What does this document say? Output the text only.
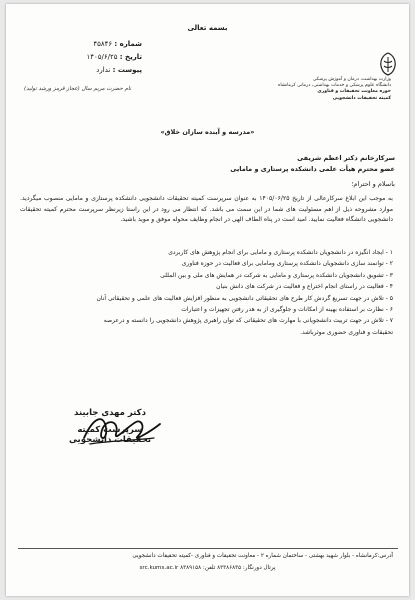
بسمه تعالی
شماره : ۴۵۸۴۶
تاریخ : ۱۴۰۵/۶/۲۵
پیوست : ندارد
نام حضرت مریم سال (عجاز قرمز ورشد تولید)
وزارت بهداشت، درمان و آموزش پزشکی
دانشگاه علوم پزشکی و خدمات بهداشتی، درمانی کرمانشاه
حوزه معاونت تحقیقات و فناوری
کمیته تحقیقات دانشجویی
«مدرسه و آینده سازان خلاق»
سرکارخانم دکتر اعظم شریفی
عضو محترم هیأت علمی دانشکده پرستاری و مامایی
باسلام و احترام؛
به موجب این ابلاغ سرکارعالی از تاریخ ۱۴۰۵/۰۶/۲۵ به عنوان سرپرست کمیته تحقیقات دانشجویی دانشکده پرستاری و مامایی منصوب میگردید. موارد مشروحه ذیل از اهم مسئولیت های شما در این سمت می باشد. که انتظار می رود در این راستا زیرنظر سرپرست محترم کمیته تحقیقات دانشجویی دانشگاه فعالیت نمایید. امید است در پناه الطاف الهی در انجام وظایف محوله موفق و موید باشید.
۱ - ایجاد انگیزه در دانشجویان دانشکده پرستاری و مامایی برای انجام پژوهش های کاربردی
۲ - توانمند سازی دانشجویان دانشکده پرستاری ومامایی برای فعالیت در حوزه فناوری
۳ - تشویق دانشجویان دانشکده پرستاری و مامایی به شرکت در همایش های ملی و بین المللی
۴ - فعالیت در راستای انجام اختراع و فعالیت در شرکت های دانش بنیان
۵ - تلاش در جهت تسریع گردش کار طرح های تحقیقاتی دانشجویی به منظور افزایش فعالیت های علمی و تحقیقاتی آنان
۶ - نظارت بر استفاده بهینه از امکانات و جلوگیری از به هدر رفتن تجهیزات و اعتبارات
۷ - تلاش در جهت تربیت دانشجویانی با مهارت های تحقیقاتی که توان راهبری پژوهش دانشجویی را دانسته و درعرصه
تحقیقات و فناوری حضوری موثرباشد.
دکتر مهدی جابیند
سرپرست کمیته تحقیقات دانشجویی
آدرس:کرمانشاه - بلوار شهید بهشتی - ساختمان شماره ۲ - معاونت تحقیقات و فناوری -کمیته تحقیقات دانشجویی
src.kums.ac.ir پرتال دورنگار: ۸۳۳۸۶۸۳۵ تلفن: ۸۳۸۹۱۵۸
